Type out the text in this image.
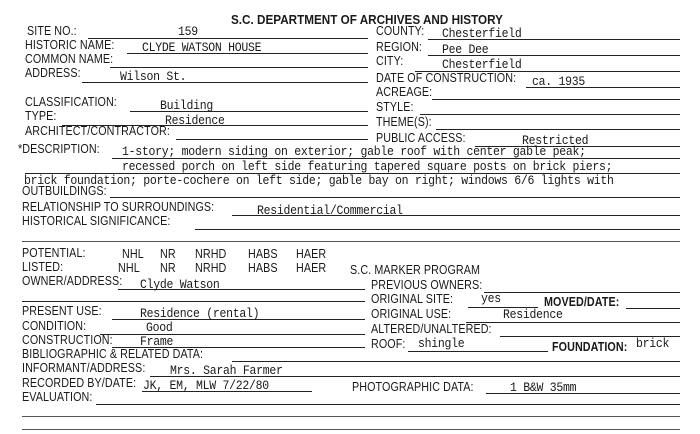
S.C. DEPARTMENT OF ARCHIVES AND HISTORY
SITE NO.:	159
HISTORIC NAME: CLYDE WATSON HOUSE
COMMON NAME:
ADDRESS:	Wilson St.
CLASSIFICATION:	Building
TYPE:	Residence
ARCHITECT/CONTRACTOR:
COUNTY: Chesterfield
REGION: Pee Dee
CITY:	Chesterfield
DATE OF CONSTRUCTION: ca. 1935
ACREAGE:
STYLE:
THEME(S):
PUBLIC ACCESS:	Restricted
*DESCRIPTION: 1-story; modern siding on exterior; gable roof with center gable peak;
recessed porch on left side featuring tapered square posts on brick piers;
brick foundation; porte-cochere on left side; gable bay on right; windows 6/6 lights with
OUTBUILDINGS:
RELATIONSHIP TO SURROUNDINGS:	Residential/Commercial
HISTORICAL SIGNIFICANCE:
POTENTIAL:	NHL NR NRHD HABS HAER
LISTED:	NHL NR NRHD HABS HAER S.C. MARKER PROGRAM
OWNER/ADDRESS: Clyde Watson	PREVIOUS OWNERS:
ORIGINAL SITE: yes	MOVED/DATE:
PRESENT USE:	Residence (rental)	ORIGINAL USE:	Residence
CONDITION:	Good	ALTERED/UNALTERED:
CONSTRUCTION: Frame	ROOF: shingle	FOUNDATION: brick
BIBLIOGRAPHIC & RELATED DATA:
INFORMANT/ADDRESS: Mrs. Sarah Farmer
RECORDED BY/DATE: JK, EM, MLW 7/22/80	PHOTOGRAPHIC DATA:	1 B&W 35mm
EVALUATION:
